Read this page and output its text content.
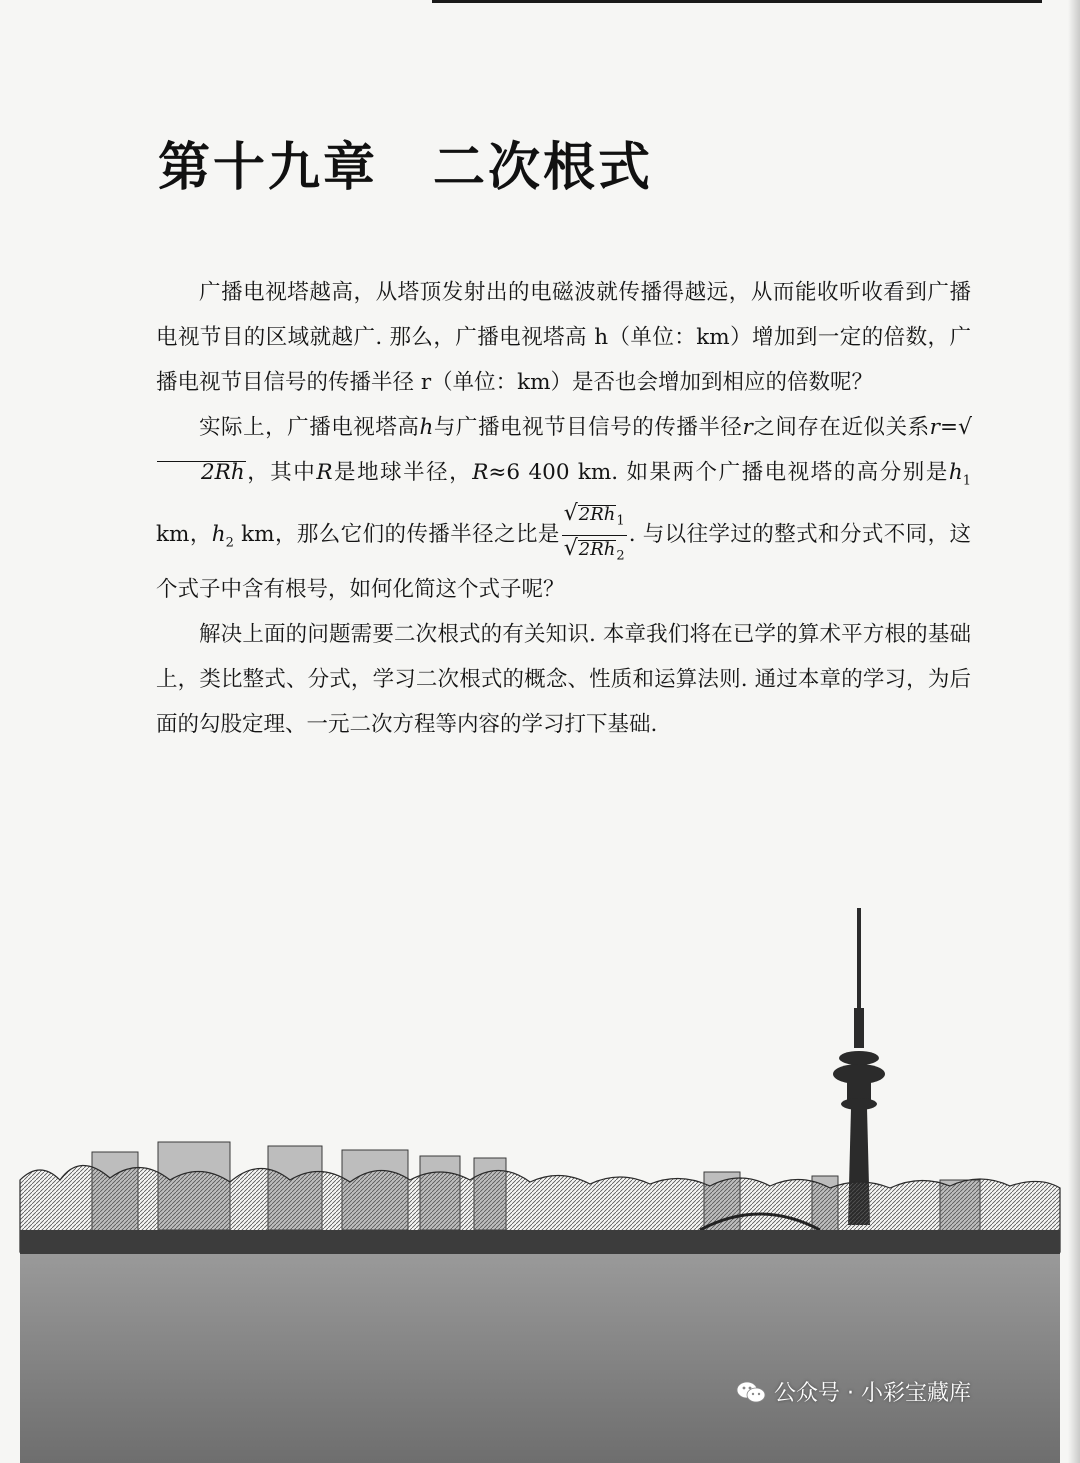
第十九章　二次根式

广播电视塔越高，从塔顶发射出的电磁波就传播得越远，从而能收听收看到广播电视节目的区域就越广. 那么，广播电视塔高 h（单位：km）增加到一定的倍数，广播电视节目信号的传播半径 r（单位：km）是否也会增加到相应的倍数呢？

实际上，广播电视塔高h与广播电视节目信号的传播半径r之间存在近似关系r=√2Rh，其中R是地球半径，R≈6 400 km. 如果两个广播电视塔的高分别是$h_1$ km，$h_2$ km，那么它们的传播半径之比是 $\frac{√2Rh_1}{√2Rh_2}$ . 与以往学过的整式和分式不同，这个式子中含有根号，如何化简这个式子呢？

解决上面的问题需要二次根式的有关知识. 本章我们将在已学的算术平方根的基础上，类比整式、分式，学习二次根式的概念、性质和运算法则. 通过本章的学习，为后面的勾股定理、一元二次方程等内容的学习打下基础.

公众号 · 小彩宝藏库
